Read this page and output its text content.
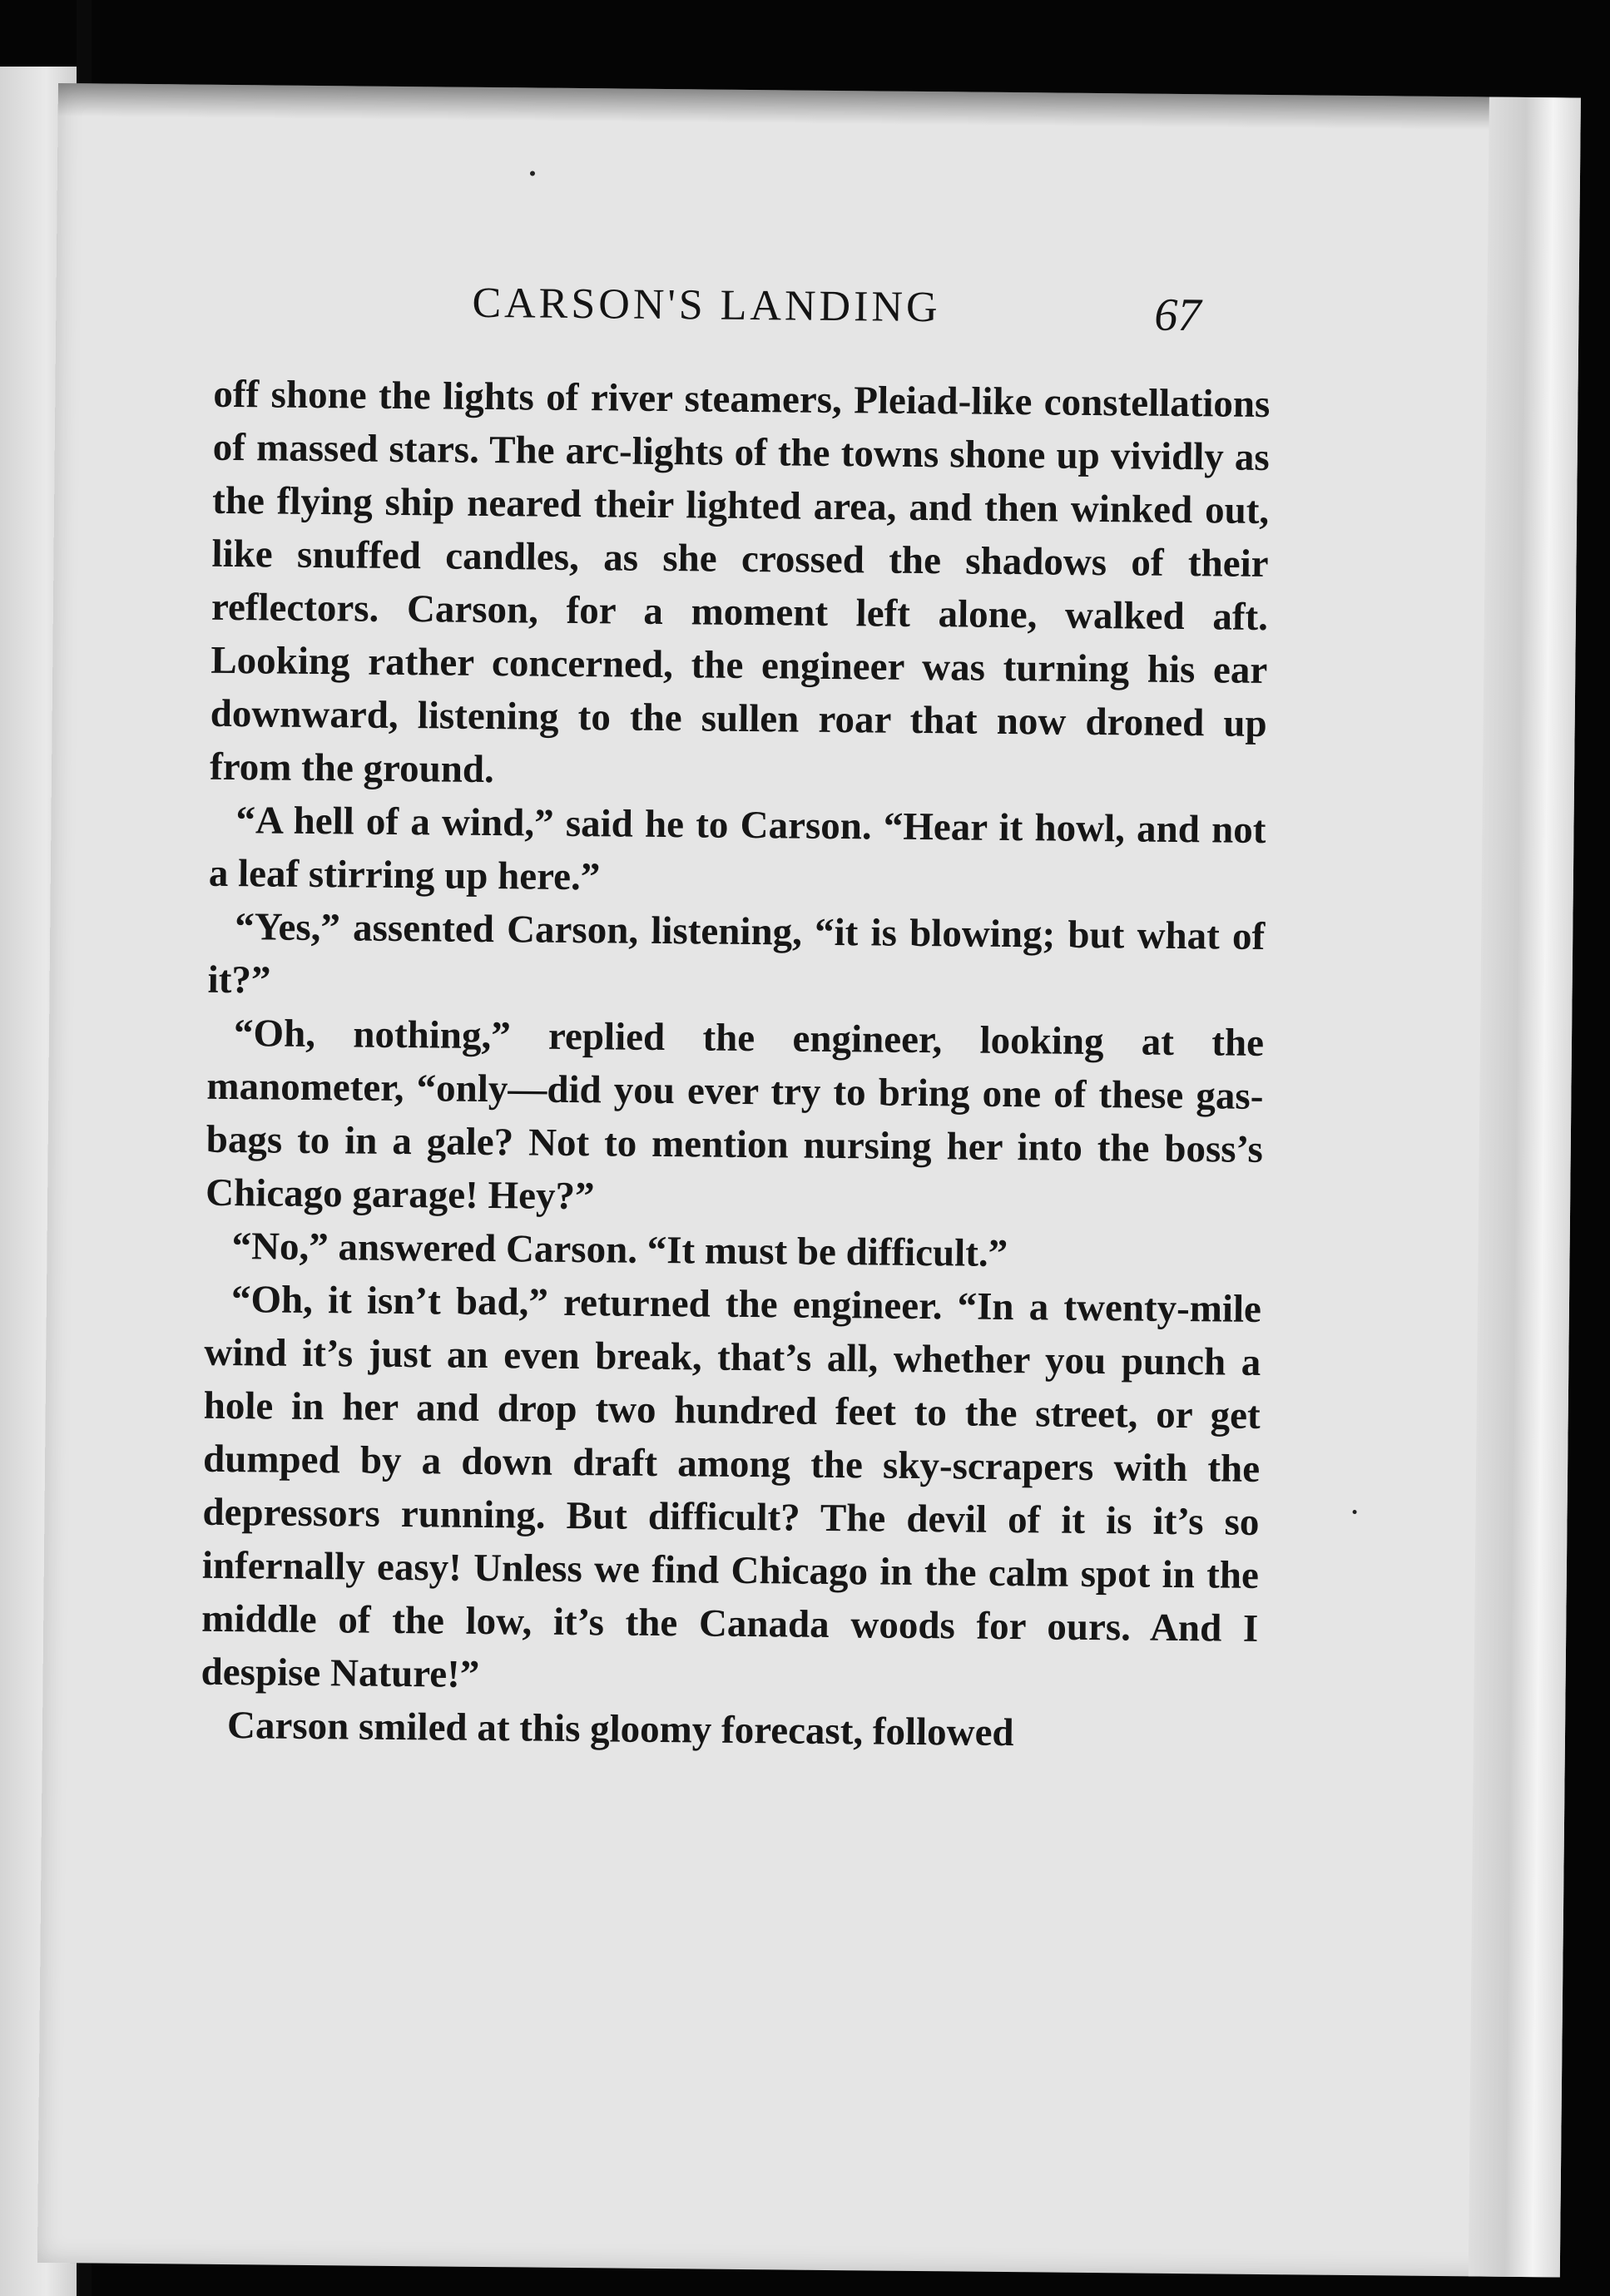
CARSON'S LANDING	67

off shone the lights of river steamers, Pleiad-like constellations of massed stars. The arc-lights of the towns shone up vividly as the flying ship neared their lighted area, and then winked out, like snuffed candles, as she crossed the shadows of their reflectors. Carson, for a moment left alone, walked aft. Looking rather concerned, the engineer was turning his ear downward, listening to the sullen roar that now droned up from the ground.

“A hell of a wind,” said he to Carson. “Hear it howl, and not a leaf stirring up here.”

“Yes,” assented Carson, listening, “it is blowing; but what of it?”

“Oh, nothing,” replied the engineer, looking at the manometer, “only—did you ever try to bring one of these gas-bags to in a gale? Not to mention nursing her into the boss’s Chicago garage! Hey?”

“No,” answered Carson. “It must be difficult.”

“Oh, it isn’t bad,” returned the engineer. “In a twenty-mile wind it’s just an even break, that’s all, whether you punch a hole in her and drop two hundred feet to the street, or get dumped by a down draft among the sky-scrapers with the depressors running. But difficult? The devil of it is it’s so infernally easy! Unless we find Chicago in the calm spot in the middle of the low, it’s the Canada woods for ours. And I despise Nature!”

Carson smiled at this gloomy forecast, followed
